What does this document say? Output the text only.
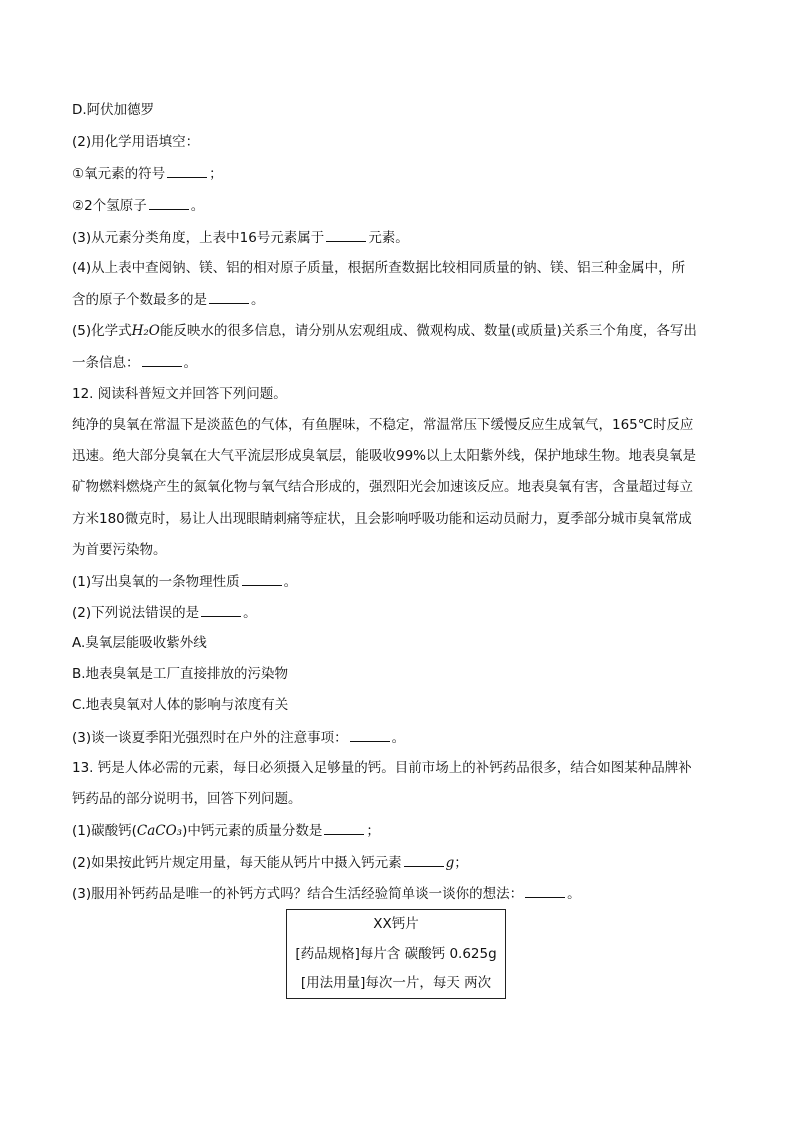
D.阿伏加德罗
(2)用化学用语填空：
①氧元素的符号	；
②2个氢原子	。
(3)从元素分类角度，上表中16号元素属于	元素。
(4)从上表中查阅钠、镁、铝的相对原子质量，根据所查数据比较相同质量的钠、镁、铝三种金属中，所
含的原子个数最多的是	。
(5)化学式H₂O能反映水的很多信息，请分别从宏观组成、微观构成、数量(或质量)关系三个角度，各写出
一条信息：	。
12. 阅读科普短文并回答下列问题。
纯净的臭氧在常温下是淡蓝色的气体，有鱼腥味，不稳定，常温常压下缓慢反应生成氧气，165℃时反应
迅速。绝大部分臭氧在大气平流层形成臭氧层，能吸收99%以上太阳紫外线，保护地球生物。地表臭氧是
矿物燃料燃烧产生的氮氧化物与氧气结合形成的，强烈阳光会加速该反应。地表臭氧有害，含量超过每立
方米180微克时，易让人出现眼睛刺痛等症状，且会影响呼吸功能和运动员耐力，夏季部分城市臭氧常成
为首要污染物。
(1)写出臭氧的一条物理性质	。
(2)下列说法错误的是	。
A.臭氧层能吸收紫外线
B.地表臭氧是工厂直接排放的污染物
C.地表臭氧对人体的影响与浓度有关
(3)谈一谈夏季阳光强烈时在户外的注意事项：	。
13. 钙是人体必需的元素，每日必须摄入足够量的钙。目前市场上的补钙药品很多，结合如图某种品牌补
钙药品的部分说明书，回答下列问题。
(1)碳酸钙(CaCO₃)中钙元素的质量分数是	；
(2)如果按此钙片规定用量，每天能从钙片中摄入钙元素	g；
(3)服用补钙药品是唯一的补钙方式吗？结合生活经验简单谈一谈你的想法：	。
XX钙片
[药品规格]每片含 碳酸钙 0.625g
[用法用量]每次一片，每天 两次
